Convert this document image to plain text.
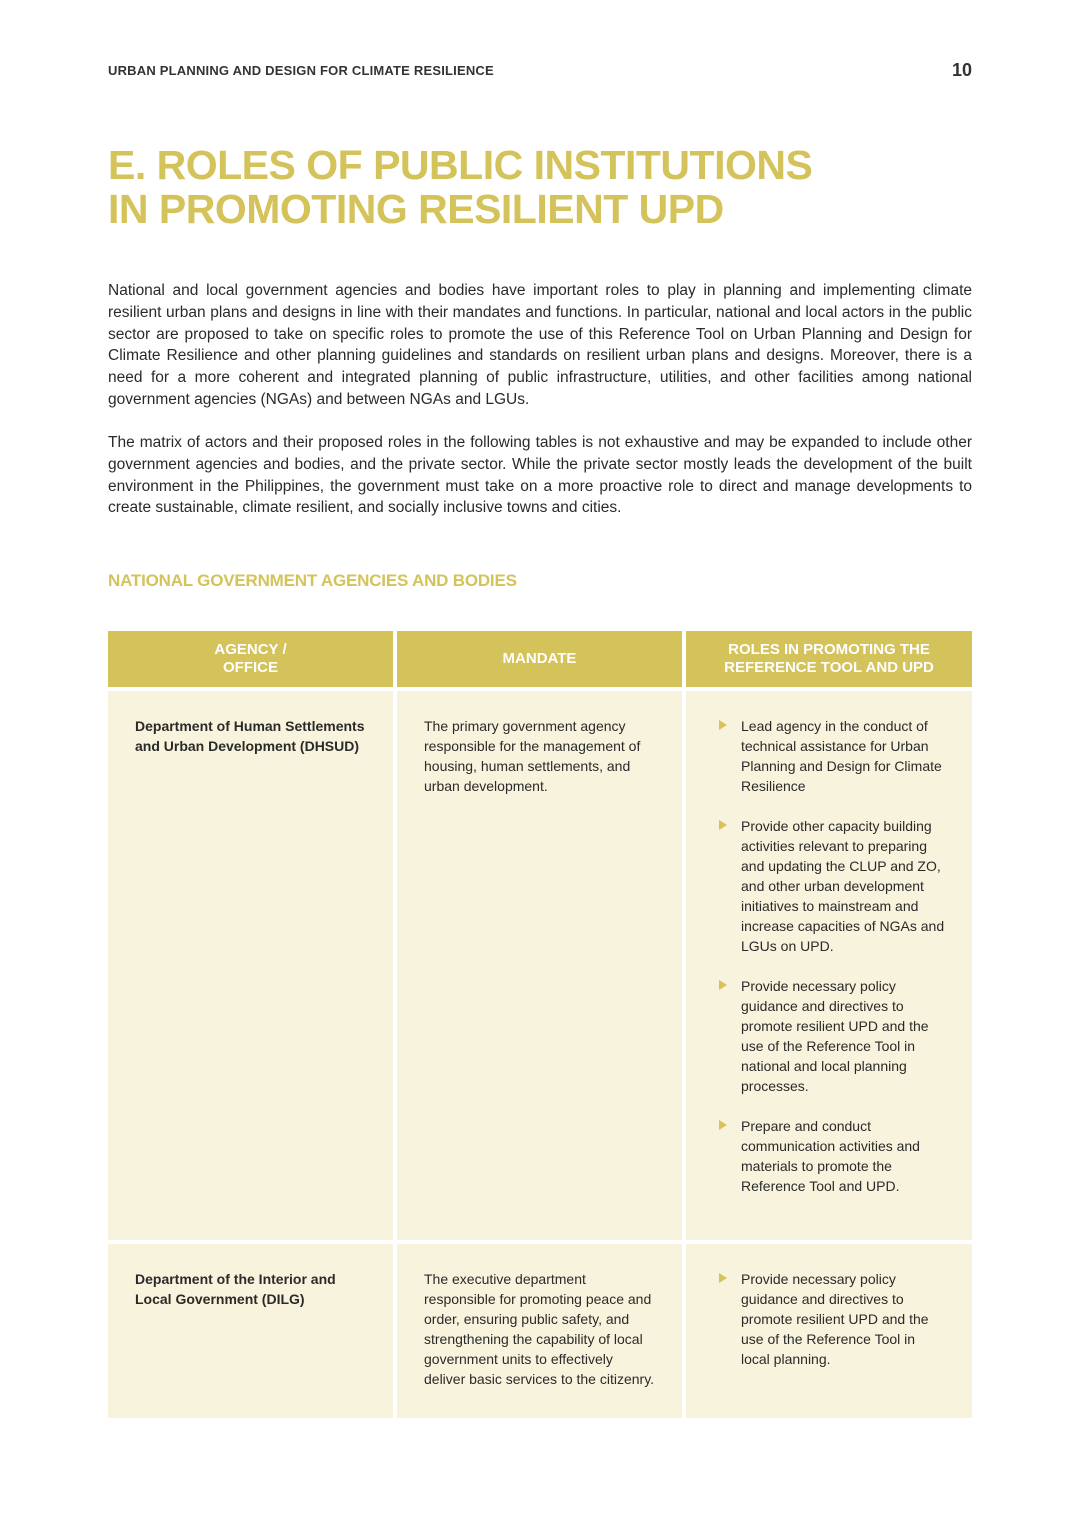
URBAN PLANNING AND DESIGN FOR CLIMATE RESILIENCE	10
E. ROLES OF PUBLIC INSTITUTIONS
IN PROMOTING RESILIENT UPD

National and local government agencies and bodies have important roles to play in planning and implementing climate resilient urban plans and designs in line with their mandates and functions. In particular, national and local actors in the public sector are proposed to take on specific roles to promote the use of this Reference Tool on Urban Planning and Design for Climate Resilience and other planning guidelines and standards on resilient urban plans and designs. Moreover, there is a need for a more coherent and integrated planning of public infrastructure, utilities, and other facilities among national government agencies (NGAs) and between NGAs and LGUs.

The matrix of actors and their proposed roles in the following tables is not exhaustive and may be expanded to include other government agencies and bodies, and the private sector. While the private sector mostly leads the development of the built environment in the Philippines, the government must take on a more proactive role to direct and manage developments to create sustainable, climate resilient, and socially inclusive towns and cities.

NATIONAL GOVERNMENT AGENCIES AND BODIES
AGENCY /
OFFICE
MANDATE
ROLES IN PROMOTING THE
REFERENCE TOOL AND UPD
Department of Human Settlements and Urban Development (DHSUD)
The primary government agency responsible for the management of housing, human settlements, and urban development.
Lead agency in the conduct of technical assistance for Urban Planning and Design for Climate Resilience
Provide other capacity building activities relevant to preparing and updating the CLUP and ZO, and other urban development initiatives to mainstream and increase capacities of NGAs and LGUs on UPD.
Provide necessary policy guidance and directives to promote resilient UPD and the use of the Reference Tool in national and local planning processes.
Prepare and conduct communication activities and materials to promote the Reference Tool and UPD.
Department of the Interior and Local Government (DILG)
The executive department responsible for promoting peace and order, ensuring public safety, and strengthening the capability of local government units to effectively deliver basic services to the citizenry.
Provide necessary policy guidance and directives to promote resilient UPD and the use of the Reference Tool in local planning.
